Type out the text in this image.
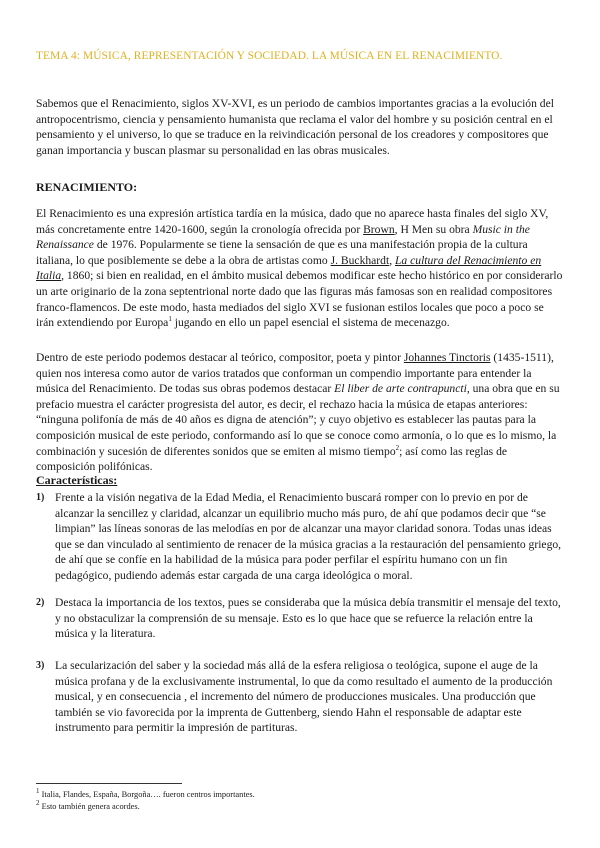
TEMA 4: MÚSICA, REPRESENTACIÓN Y SOCIEDAD. LA MÚSICA EN EL RENACIMIENTO.
Sabemos que el Renacimiento, siglos XV-XVI, es un periodo de cambios importantes gracias a la evolución del antropocentrismo, ciencia y pensamiento humanista que reclama el valor del hombre y su posición central en el pensamiento y el universo, lo que se traduce en la reivindicación personal de los creadores y compositores que ganan importancia y buscan plasmar su personalidad en las obras musicales.
RENACIMIENTO:
El Renacimiento es una expresión artística tardía en la música, dado que no aparece hasta finales del siglo XV, más concretamente entre 1420-1600, según la cronología ofrecida por Brown, H Men su obra Music in the Renaissance de 1976. Popularmente se tiene la sensación de que es una manifestación propia de la cultura italiana, lo que posiblemente se debe a la obra de artistas como J. Buckhardt, La cultura del Renacimiento en Italia, 1860; si bien en realidad, en el ámbito musical debemos modificar este hecho histórico en por considerarlo un arte originario de la zona septentrional norte dado que las figuras más famosas son en realidad compositores franco-flamencos. De este modo, hasta mediados del siglo XVI se fusionan estilos locales que poco a poco se irán extendiendo por Europa$^1$ jugando en ello un papel esencial el sistema de mecenazgo.
Dentro de este periodo podemos destacar al teórico, compositor, poeta y pintor Johannes Tinctoris (1435-1511), quien nos interesa como autor de varios tratados que conforman un compendio importante para entender la música del Renacimiento. De todas sus obras podemos destacar El liber de arte contrapuncti, una obra que en su prefacio muestra el carácter progresista del autor, es decir, el rechazo hacia la música de etapas anteriores: “ninguna polifonía de más de 40 años es digna de atención”; y cuyo objetivo es establecer las pautas para la composición musical de este periodo, conformando así lo que se conoce como armonía, o lo que es lo mismo, la combinación y sucesión de diferentes sonidos que se emiten al mismo tiempo$^2$; así como las reglas de composición polifónicas.
Características:
1) Frente a la visión negativa de la Edad Media, el Renacimiento buscará romper con lo previo en por de alcanzar la sencillez y claridad, alcanzar un equilibrio mucho más puro, de ahí que podamos decir que “se limpian” las líneas sonoras de las melodías en por de alcanzar una mayor claridad sonora. Todas unas ideas que se dan vinculado al sentimiento de renacer de la música gracias a la restauración del pensamiento griego, de ahí que se confíe en la habilidad de la música para poder perfilar el espíritu humano con un fin pedagógico, pudiendo además estar cargada de una carga ideológica o moral.
2) Destaca la importancia de los textos, pues se consideraba que la música debía transmitir el mensaje del texto, y no obstaculizar la comprensión de su mensaje. Esto es lo que hace que se refuerce la relación entre la música y la literatura.
3) La secularización del saber y la sociedad más allá de la esfera religiosa o teológica, supone el auge de la música profana y de la exclusivamente instrumental, lo que da como resultado el aumento de la producción musical, y en consecuencia , el incremento del número de producciones musicales. Una producción que también se vio favorecida por la imprenta de Guttenberg, siendo Hahn el responsable de adaptar este instrumento para permitir la impresión de partituras.
$^1$ Italia, Flandes, España, Borgoña…. fueron centros importantes.
$^2$ Esto también genera acordes.
